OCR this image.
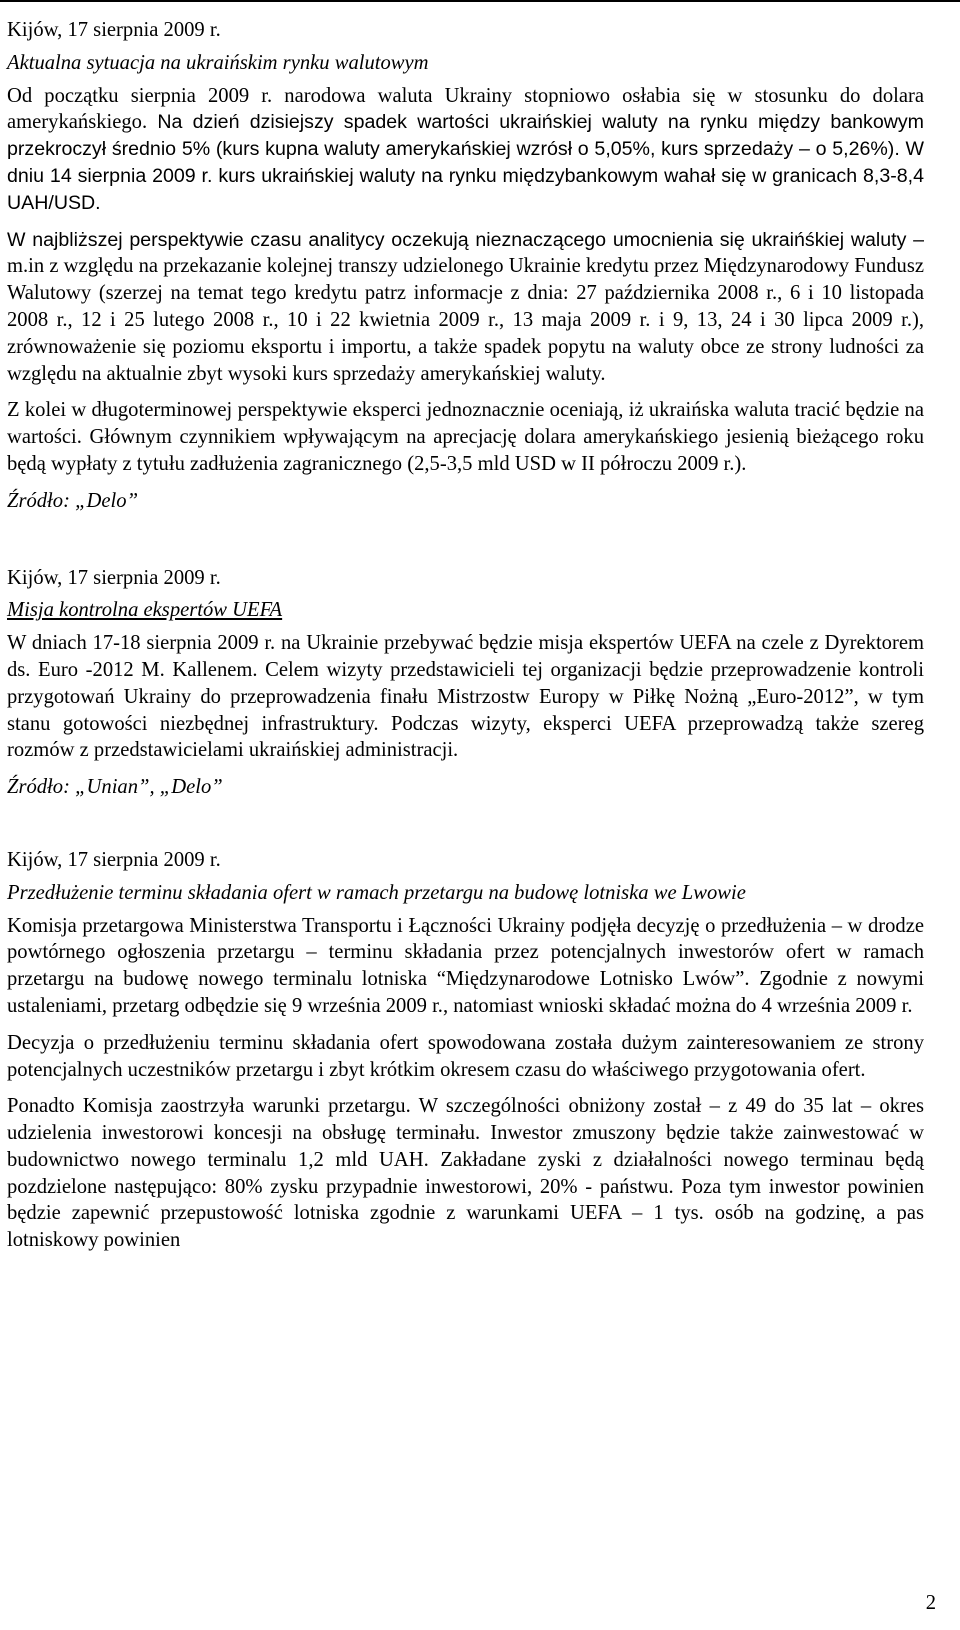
Kijów, 17 sierpnia 2009 r.

Aktualna sytuacja na ukraińskim rynku walutowym

Od początku sierpnia 2009 r. narodowa waluta Ukrainy stopniowo osłabia się w stosunku do dolara amerykańskiego. Na dzień dzisiejszy spadek wartości ukraińskiej waluty na rynku między bankowym przekroczył średnio 5% (kurs kupna waluty amerykańskiej wzrósł o 5,05%, kurs sprzedaży – o 5,26%). W dniu 14 sierpnia 2009 r. kurs ukraińskiej waluty na rynku międzybankowym wahał się w granicach 8,3-8,4 UAH/USD.

W najbliższej perspektywie czasu analitycy oczekują nieznaczącego umocnienia się ukraińśkiej waluty – m.in z względu na przekazanie kolejnej transzy udzielonego Ukrainie kredytu przez Międzynarodowy Fundusz Walutowy (szerzej na temat tego kredytu patrz informacje z dnia: 27 października 2008 r., 6 i 10 listopada 2008 r., 12 i 25 lutego 2008 r., 10 i 22 kwietnia 2009 r., 13 maja 2009 r. i 9, 13, 24 i 30 lipca 2009 r.), zrównoważenie się poziomu eksportu i importu, a także spadek popytu na waluty obce ze strony ludności za względu na aktualnie zbyt wysoki kurs sprzedaży amerykańskiej waluty.

Z kolei w długoterminowej perspektywie eksperci jednoznacznie oceniają, iż ukraińska waluta tracić będzie na wartości. Głównym czynnikiem wpływającym na aprecjację dolara amerykańskiego jesienią bieżącego roku będą wypłaty z tytułu zadłużenia zagranicznego (2,5-3,5 mld USD w II półroczu 2009 r.).

Źródło: „Delo”

Kijów, 17 sierpnia 2009 r.

Misja kontrolna ekspertów UEFA

W dniach 17-18 sierpnia 2009 r. na Ukrainie przebywać będzie misja ekspertów UEFA na czele z Dyrektorem ds. Euro -2012 M. Kallenem. Celem wizyty przedstawicieli tej organizacji będzie przeprowadzenie kontroli przygotowań Ukrainy do przeprowadzenia finału Mistrzostw Europy w Piłkę Nożną „Euro-2012”, w tym stanu gotowości niezbędnej infrastruktury. Podczas wizyty, eksperci UEFA przeprowadzą także szereg rozmów z przedstawicielami ukraińskiej administracji.

Źródło: „Unian”, „Delo”

Kijów, 17 sierpnia 2009 r.

Przedłużenie terminu składania ofert w ramach przetargu na budowę lotniska we Lwowie

Komisja przetargowa Ministerstwa Transportu i Łączności Ukrainy podjęła decyzję o przedłużenia – w drodze powtórnego ogłoszenia przetargu – terminu składania przez potencjalnych inwestorów ofert w ramach przetargu na budowę nowego terminalu lotniska “Międzynarodowe Lotnisko Lwów”. Zgodnie z nowymi ustaleniami, przetarg odbędzie się 9 września 2009 r., natomiast wnioski składać można do 4 września 2009 r.

Decyzja o przedłużeniu terminu składania ofert spowodowana została dużym zainteresowaniem ze strony potencjalnych uczestników przetargu i zbyt krótkim okresem czasu do właściwego przygotowania ofert.

Ponadto Komisja zaostrzyła warunki przetargu. W szczególności obniżony został – z 49 do 35 lat – okres udzielenia inwestorowi koncesji na obsługę terminału. Inwestor zmuszony będzie także zainwestować w budownictwo nowego terminalu 1,2 mld UAH. Zakładane zyski z działalności nowego terminau będą pozdzielone następująco: 80% zysku przypadnie inwestorowi, 20% - państwu. Poza tym inwestor powinien będzie zapewnić przepustowość lotniska zgodnie z warunkami UEFA – 1 tys. osób na godzinę, a pas lotniskowy powinien

2
